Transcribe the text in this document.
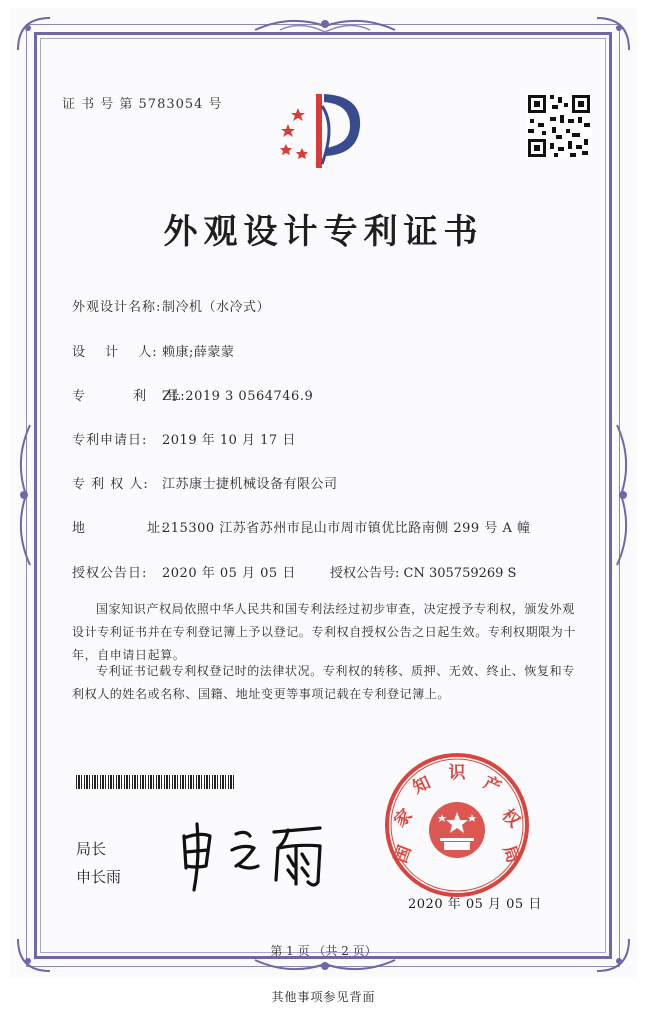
证 书 号 第 5783054 号
外观设计专利证书
外观设计名称:制冷机（水冷式）
设　 计　 人: 赖康;薛蒙蒙
专　　　 利　 号:ZL 2019 3 0564746.9
专利申请日: 2019 年 10 月 17 日
专 利 权 人: 江苏康士捷机械设备有限公司
地　　　　 址:215300 江苏省苏州市昆山市周市镇优比路南侧 299 号 A 幢
授权公告日: 2020 年 05 月 05 日	授权公告号: CN 305759269 S
国家知识产权局依照中华人民共和国专利法经过初步审查，决定授予专利权，颁发外观设计专利证书并在专利登记簿上予以登记。专利权自授权公告之日起生效。专利权期限为十年，自申请日起算。
专利证书记载专利权登记时的法律状况。专利权的转移、质押、无效、终止、恢复和专利权人的姓名或名称、国籍、地址变更等事项记载在专利登记簿上。
局长
申长雨
国
家
知 识 产
权
局
2020 年 05 月 05 日
第 1 页 （共 2 页）
其他事项参见背面
